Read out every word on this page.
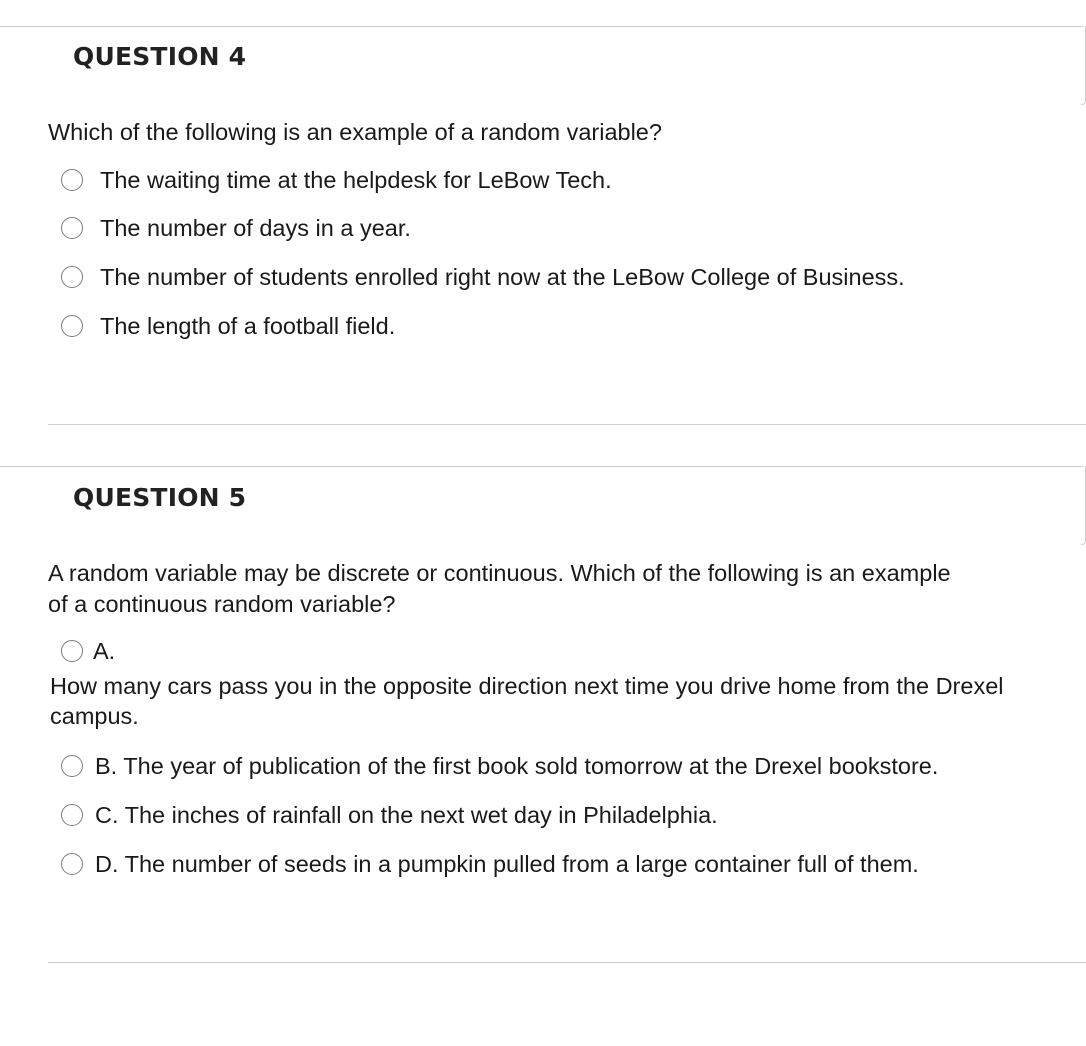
QUESTION 4

Which of the following is an example of a random variable?

The waiting time at the helpdesk for LeBow Tech.
The number of days in a year.
The number of students enrolled right now at the LeBow College of Business.
The length of a football field.
QUESTION 5

A random variable may be discrete or continuous. Which of the following is an example

of a continuous random variable?

A.
How many cars pass you in the opposite direction next time you drive home from the Drexel campus.
B. The year of publication of the first book sold tomorrow at the Drexel bookstore.
C. The inches of rainfall on the next wet day in Philadelphia.
D. The number of seeds in a pumpkin pulled from a large container full of them.
